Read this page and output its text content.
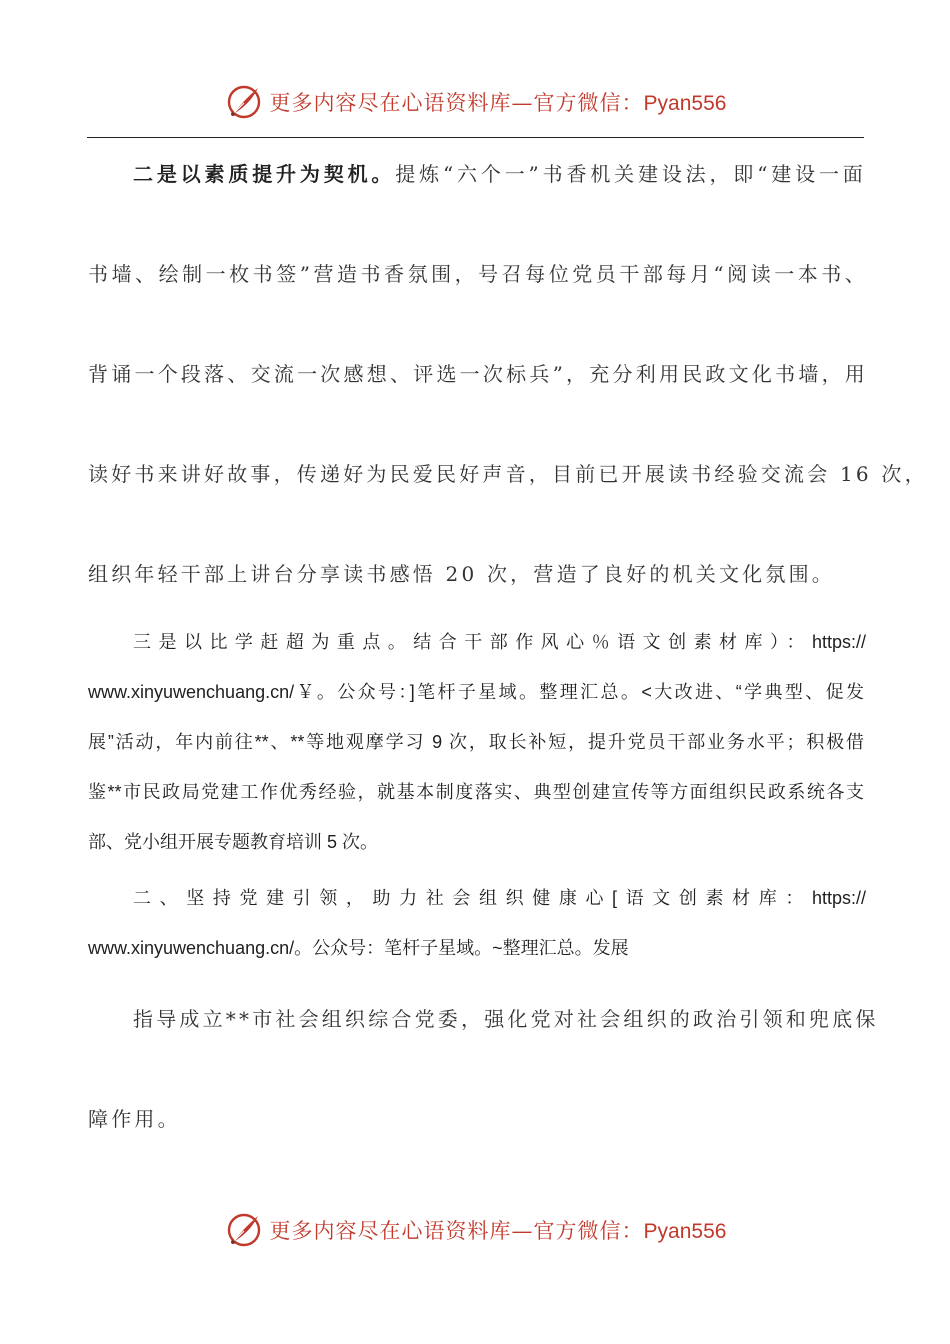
更多内容尽在心语资料库—官方微信：Pyan556
二是以素质提升为契机。提炼“六个一”书香机关建设法，即“建设一面
书墙、绘制一枚书签”营造书香氛围，号召每位党员干部每月“阅读一本书、
背诵一个段落、交流一次感想、评选一次标兵”，充分利用民政文化书墙，用
读好书来讲好故事，传递好为民爱民好声音，目前已开展读书经验交流会 16 次，
组织年轻干部上讲台分享读书感悟 20 次，营造了良好的机关文化氛围。
三是以比学赶超为重点。结合干部作风心％语文创素材库）：https://
www.xinyuwenchuang.cn/￥。公众号：]笔杆子星域。整理汇总。<大改进、“学典型、促发
展”活动，年内前往**、**等地观摩学习 9 次，取长补短，提升党员干部业务水平；积极借
鉴**市民政局党建工作优秀经验，就基本制度落实、典型创建宣传等方面组织民政系统各支
部、党小组开展专题教育培训 5 次。
二、坚持党建引领，助力社会组织健康心[语文创素材库：https://
www.xinyuwenchuang.cn/。公众号：笔杆子星域。~整理汇总。发展
指导成立**市社会组织综合党委，强化党对社会组织的政治引领和兜底保
障作用。
更多内容尽在心语资料库—官方微信：Pyan556
